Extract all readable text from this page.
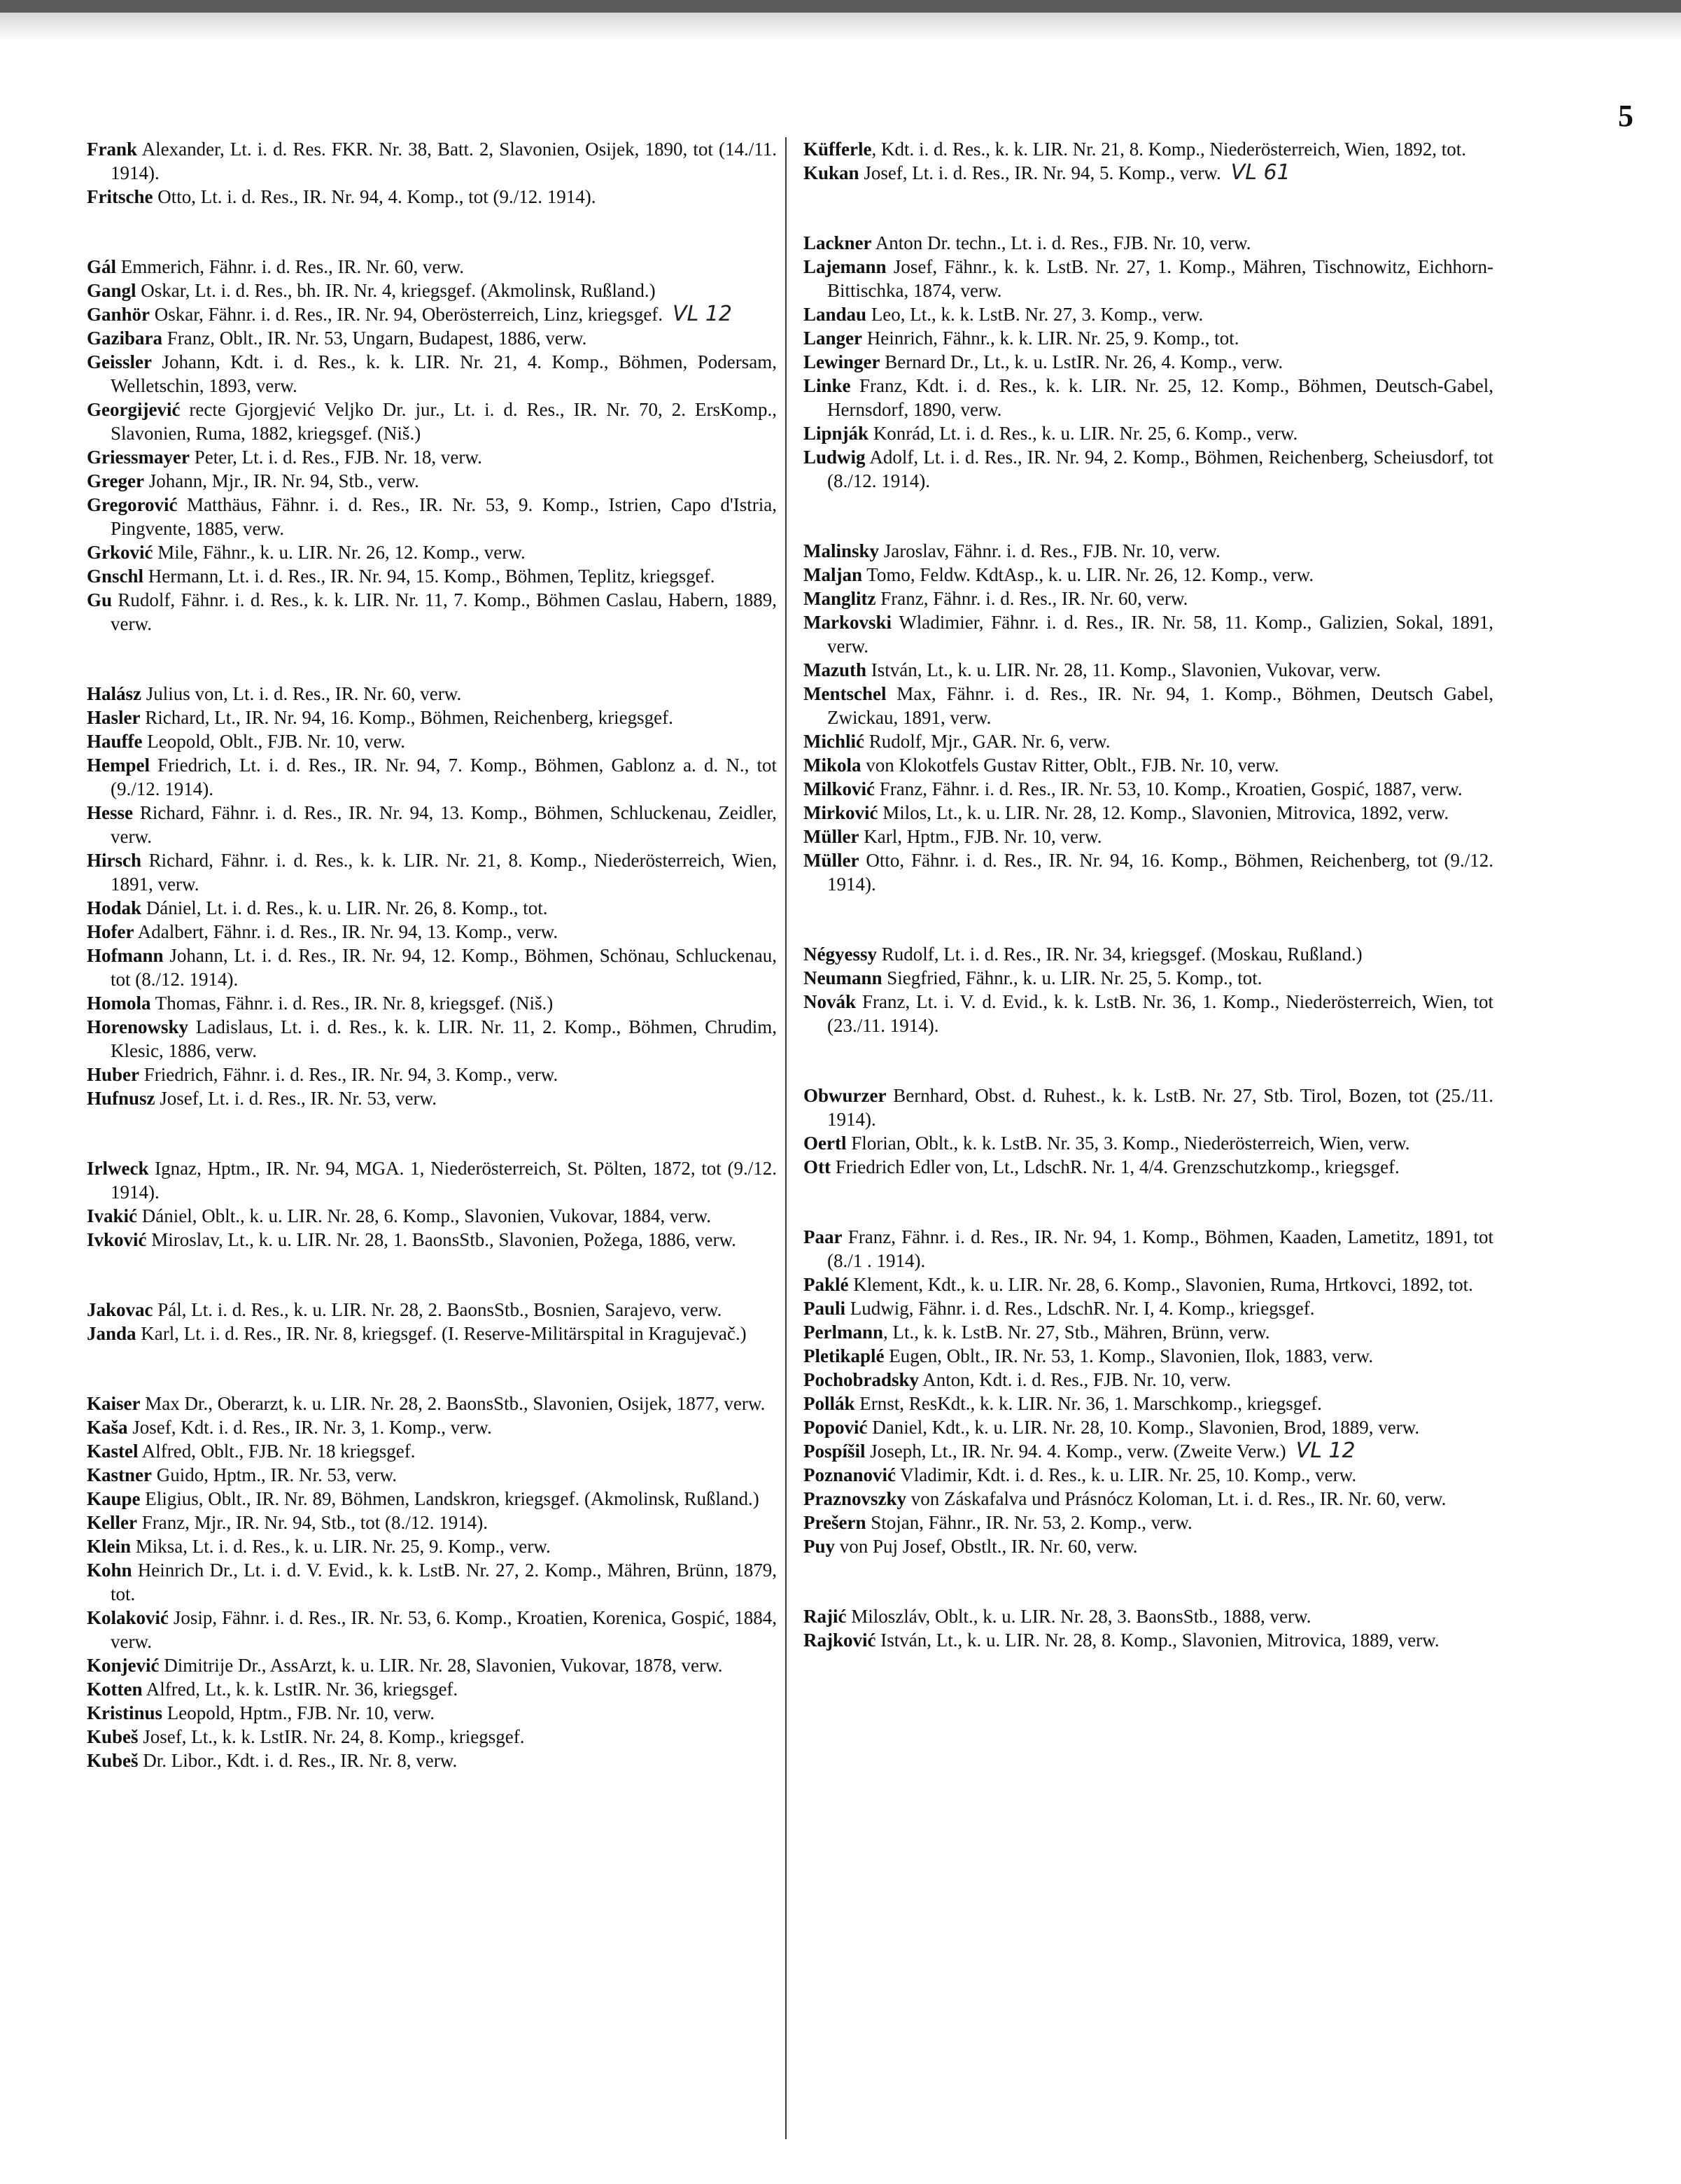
5

Frank Alexander, Lt. i. d. Res. FKR. Nr. 38, Batt. 2, Slavonien, Osijek, 1890, tot (14./11. 1914).

Fritsche Otto, Lt. i. d. Res., IR. Nr. 94, 4. Komp., tot (9./12. 1914).

Gál Emmerich, Fähnr. i. d. Res., IR. Nr. 60, verw.

Gangl Oskar, Lt. i. d. Res., bh. IR. Nr. 4, kriegsgef. (Akmolinsk, Rußland.)

Ganhör Oskar, Fähnr. i. d. Res., IR. Nr. 94, Oberösterreich, Linz, kriegsgef. VL 12

Gazibara Franz, Oblt., IR. Nr. 53, Ungarn, Budapest, 1886, verw.

Geissler Johann, Kdt. i. d. Res., k. k. LIR. Nr. 21, 4. Komp., Böhmen, Podersam, Welletschin, 1893, verw.

Georgijević recte Gjorgjević Veljko Dr. jur., Lt. i. d. Res., IR. Nr. 70, 2. ErsKomp., Slavonien, Ruma, 1882, kriegsgef. (Niš.)

Griessmayer Peter, Lt. i. d. Res., FJB. Nr. 18, verw.

Greger Johann, Mjr., IR. Nr. 94, Stb., verw.

Gregorović Matthäus, Fähnr. i. d. Res., IR. Nr. 53, 9. Komp., Istrien, Capo d'Istria, Pingvente, 1885, verw.

Grković Mile, Fähnr., k. u. LIR. Nr. 26, 12. Komp., verw.

Gnschl Hermann, Lt. i. d. Res., IR. Nr. 94, 15. Komp., Böhmen, Teplitz, kriegsgef.

Gu Rudolf, Fähnr. i. d. Res., k. k. LIR. Nr. 11, 7. Komp., Böhmen Caslau, Habern, 1889, verw.

Halász Julius von, Lt. i. d. Res., IR. Nr. 60, verw.

Hasler Richard, Lt., IR. Nr. 94, 16. Komp., Böhmen, Reichenberg, kriegsgef.

Hauffe Leopold, Oblt., FJB. Nr. 10, verw.

Hempel Friedrich, Lt. i. d. Res., IR. Nr. 94, 7. Komp., Böhmen, Gablonz a. d. N., tot (9./12. 1914).

Hesse Richard, Fähnr. i. d. Res., IR. Nr. 94, 13. Komp., Böhmen, Schluckenau, Zeidler, verw.

Hirsch Richard, Fähnr. i. d. Res., k. k. LIR. Nr. 21, 8. Komp., Niederösterreich, Wien, 1891, verw.

Hodak Dániel, Lt. i. d. Res., k. u. LIR. Nr. 26, 8. Komp., tot.

Hofer Adalbert, Fähnr. i. d. Res., IR. Nr. 94, 13. Komp., verw.

Hofmann Johann, Lt. i. d. Res., IR. Nr. 94, 12. Komp., Böhmen, Schönau, Schluckenau, tot (8./12. 1914).

Homola Thomas, Fähnr. i. d. Res., IR. Nr. 8, kriegsgef. (Niš.)

Horenowsky Ladislaus, Lt. i. d. Res., k. k. LIR. Nr. 11, 2. Komp., Böhmen, Chrudim, Klesic, 1886, verw.

Huber Friedrich, Fähnr. i. d. Res., IR. Nr. 94, 3. Komp., verw.

Hufnusz Josef, Lt. i. d. Res., IR. Nr. 53, verw.

Irlweck Ignaz, Hptm., IR. Nr. 94, MGA. 1, Niederösterreich, St. Pölten, 1872, tot (9./12. 1914).

Ivakić Dániel, Oblt., k. u. LIR. Nr. 28, 6. Komp., Slavonien, Vukovar, 1884, verw.

Ivković Miroslav, Lt., k. u. LIR. Nr. 28, 1. BaonsStb., Slavonien, Požega, 1886, verw.

Jakovac Pál, Lt. i. d. Res., k. u. LIR. Nr. 28, 2. BaonsStb., Bosnien, Sarajevo, verw.

Janda Karl, Lt. i. d. Res., IR. Nr. 8, kriegsgef. (I. Reserve-Militärspital in Kragujevač.)

Kaiser Max Dr., Oberarzt, k. u. LIR. Nr. 28, 2. BaonsStb., Slavonien, Osijek, 1877, verw.

Kaša Josef, Kdt. i. d. Res., IR. Nr. 3, 1. Komp., verw.

Kastel Alfred, Oblt., FJB. Nr. 18 kriegsgef.

Kastner Guido, Hptm., IR. Nr. 53, verw.

Kaupe Eligius, Oblt., IR. Nr. 89, Böhmen, Landskron, kriegsgef. (Akmolinsk, Rußland.)

Keller Franz, Mjr., IR. Nr. 94, Stb., tot (8./12. 1914).

Klein Miksa, Lt. i. d. Res., k. u. LIR. Nr. 25, 9. Komp., verw.

Kohn Heinrich Dr., Lt. i. d. V. Evid., k. k. LstB. Nr. 27, 2. Komp., Mähren, Brünn, 1879, tot.

Kolaković Josip, Fähnr. i. d. Res., IR. Nr. 53, 6. Komp., Kroatien, Korenica, Gospić, 1884, verw.

Konjević Dimitrije Dr., AssArzt, k. u. LIR. Nr. 28, Slavonien, Vukovar, 1878, verw.

Kotten Alfred, Lt., k. k. LstIR. Nr. 36, kriegsgef.

Kristinus Leopold, Hptm., FJB. Nr. 10, verw.

Kubeš Josef, Lt., k. k. LstIR. Nr. 24, 8. Komp., kriegsgef.

Kubeš Dr. Libor., Kdt. i. d. Res., IR. Nr. 8, verw.

Küfferle, Kdt. i. d. Res., k. k. LIR. Nr. 21, 8. Komp., Niederösterreich, Wien, 1892, tot.

Kukan Josef, Lt. i. d. Res., IR. Nr. 94, 5. Komp., verw. VL 61

Lackner Anton Dr. techn., Lt. i. d. Res., FJB. Nr. 10, verw.

Lajemann Josef, Fähnr., k. k. LstB. Nr. 27, 1. Komp., Mähren, Tischnowitz, Eichhorn-Bittischka, 1874, verw.

Landau Leo, Lt., k. k. LstB. Nr. 27, 3. Komp., verw.

Langer Heinrich, Fähnr., k. k. LIR. Nr. 25, 9. Komp., tot.

Lewinger Bernard Dr., Lt., k. u. LstIR. Nr. 26, 4. Komp., verw.

Linke Franz, Kdt. i. d. Res., k. k. LIR. Nr. 25, 12. Komp., Böhmen, Deutsch-Gabel, Hernsdorf, 1890, verw.

Lipnják Konrád, Lt. i. d. Res., k. u. LIR. Nr. 25, 6. Komp., verw.

Ludwig Adolf, Lt. i. d. Res., IR. Nr. 94, 2. Komp., Böhmen, Reichenberg, Scheiusdorf, tot (8./12. 1914).

Malinsky Jaroslav, Fähnr. i. d. Res., FJB. Nr. 10, verw.

Maljan Tomo, Feldw. KdtAsp., k. u. LIR. Nr. 26, 12. Komp., verw.

Manglitz Franz, Fähnr. i. d. Res., IR. Nr. 60, verw.

Markovski Wladimier, Fähnr. i. d. Res., IR. Nr. 58, 11. Komp., Galizien, Sokal, 1891, verw.

Mazuth István, Lt., k. u. LIR. Nr. 28, 11. Komp., Slavonien, Vukovar, verw.

Mentschel Max, Fähnr. i. d. Res., IR. Nr. 94, 1. Komp., Böhmen, Deutsch Gabel, Zwickau, 1891, verw.

Michlić Rudolf, Mjr., GAR. Nr. 6, verw.

Mikola von Klokotfels Gustav Ritter, Oblt., FJB. Nr. 10, verw.

Milković Franz, Fähnr. i. d. Res., IR. Nr. 53, 10. Komp., Kroatien, Gospić, 1887, verw.

Mirković Milos, Lt., k. u. LIR. Nr. 28, 12. Komp., Slavonien, Mitrovica, 1892, verw.

Müller Karl, Hptm., FJB. Nr. 10, verw.

Müller Otto, Fähnr. i. d. Res., IR. Nr. 94, 16. Komp., Böhmen, Reichenberg, tot (9./12. 1914).

Négyessy Rudolf, Lt. i. d. Res., IR. Nr. 34, kriegsgef. (Moskau, Rußland.)

Neumann Siegfried, Fähnr., k. u. LIR. Nr. 25, 5. Komp., tot.

Novák Franz, Lt. i. V. d. Evid., k. k. LstB. Nr. 36, 1. Komp., Niederösterreich, Wien, tot (23./11. 1914).

Obwurzer Bernhard, Obst. d. Ruhest., k. k. LstB. Nr. 27, Stb. Tirol, Bozen, tot (25./11. 1914).

Oertl Florian, Oblt., k. k. LstB. Nr. 35, 3. Komp., Niederösterreich, Wien, verw.

Ott Friedrich Edler von, Lt., LdschR. Nr. 1, 4/4. Grenzschutzkomp., kriegsgef.

Paar Franz, Fähnr. i. d. Res., IR. Nr. 94, 1. Komp., Böhmen, Kaaden, Lametitz, 1891, tot (8./1 . 1914).

Paklé Klement, Kdt., k. u. LIR. Nr. 28, 6. Komp., Slavonien, Ruma, Hrtkovci, 1892, tot.

Pauli Ludwig, Fähnr. i. d. Res., LdschR. Nr. I, 4. Komp., kriegsgef.

Perlmann, Lt., k. k. LstB. Nr. 27, Stb., Mähren, Brünn, verw.

Pletikaplé Eugen, Oblt., IR. Nr. 53, 1. Komp., Slavonien, Ilok, 1883, verw.

Pochobradsky Anton, Kdt. i. d. Res., FJB. Nr. 10, verw.

Pollák Ernst, ResKdt., k. k. LIR. Nr. 36, 1. Marschkomp., kriegsgef.

Popović Daniel, Kdt., k. u. LIR. Nr. 28, 10. Komp., Slavonien, Brod, 1889, verw.

Pospíšil Joseph, Lt., IR. Nr. 94. 4. Komp., verw. (Zweite Verw.) VL 12

Poznanović Vladimir, Kdt. i. d. Res., k. u. LIR. Nr. 25, 10. Komp., verw.

Praznovszky von Záskafalva und Prásnócz Koloman, Lt. i. d. Res., IR. Nr. 60, verw.

Prešern Stojan, Fähnr., IR. Nr. 53, 2. Komp., verw.

Puy von Puj Josef, Obstlt., IR. Nr. 60, verw.

Rajić Miloszláv, Oblt., k. u. LIR. Nr. 28, 3. BaonsStb., 1888, verw.

Rajković István, Lt., k. u. LIR. Nr. 28, 8. Komp., Slavonien, Mitrovica, 1889, verw.
